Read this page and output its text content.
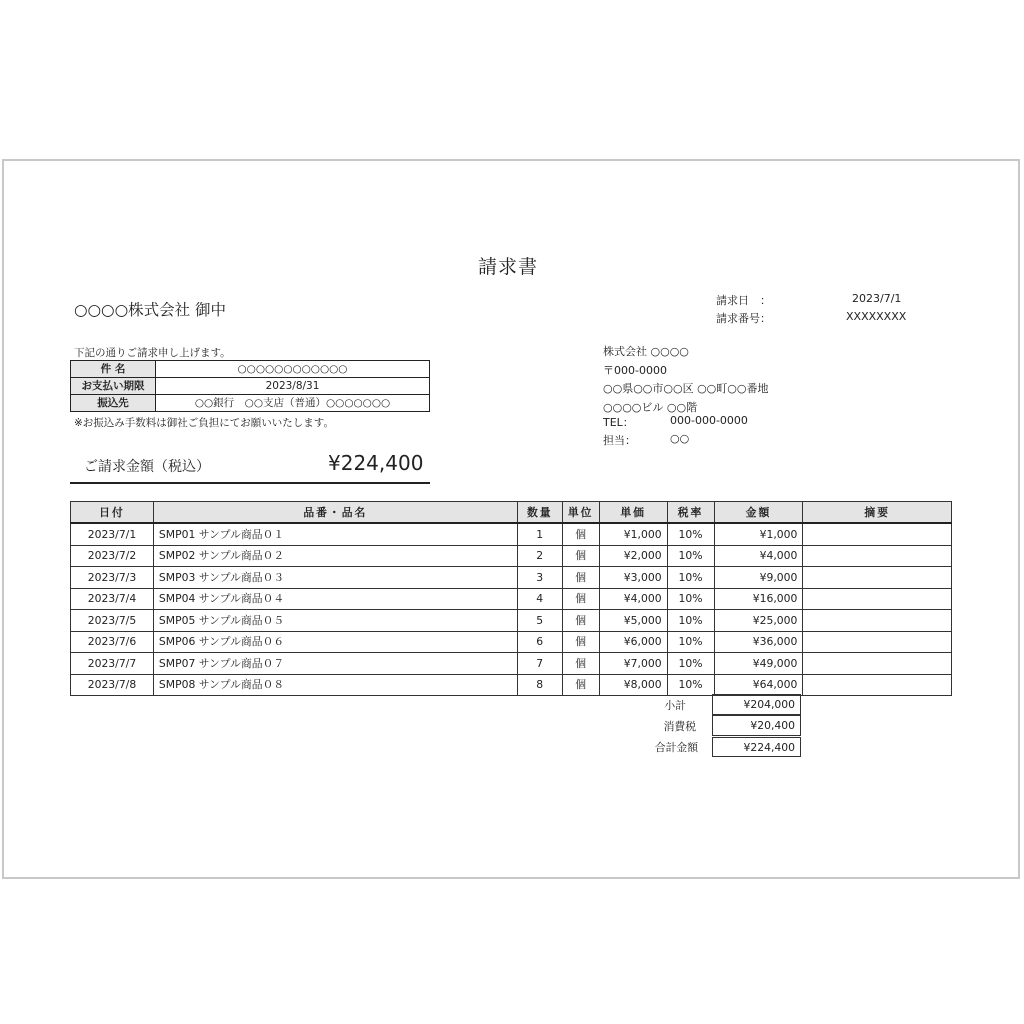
請求書
○○○○株式会社 御中
請求日　：	2023/7/1
請求番号：	XXXXXXXX
下記の通りご請求申し上げます。
件 名	○○○○○○○○○○○○
お支払い期限	2023/8/31
振込先	○○銀行　○○支店（普通）○○○○○○○
※お振込み手数料は御社ご負担にてお願いいたします。
株式会社 ○○○○
〒000-0000
○○県○○市○○区 ○○町○○番地
○○○○ビル ○○階
TEL：	000-000-0000
担当：	○○
ご請求金額（税込）	¥224,400
日付	品番・品名	数量	単位	単価	税率	金額	摘要
2023/7/1	SMP01 サンプル商品０１	1	個	¥1,000	10%	¥1,000	
2023/7/2	SMP02 サンプル商品０２	2	個	¥2,000	10%	¥4,000	
2023/7/3	SMP03 サンプル商品０３	3	個	¥3,000	10%	¥9,000	
2023/7/4	SMP04 サンプル商品０４	4	個	¥4,000	10%	¥16,000	
2023/7/5	SMP05 サンプル商品０５	5	個	¥5,000	10%	¥25,000	
2023/7/6	SMP06 サンプル商品０６	6	個	¥6,000	10%	¥36,000	
2023/7/7	SMP07 サンプル商品０７	7	個	¥7,000	10%	¥49,000	
2023/7/8	SMP08 サンプル商品０８	8	個	¥8,000	10%	¥64,000	
小計	¥204,000
消費税	¥20,400
合計金額	¥224,400
